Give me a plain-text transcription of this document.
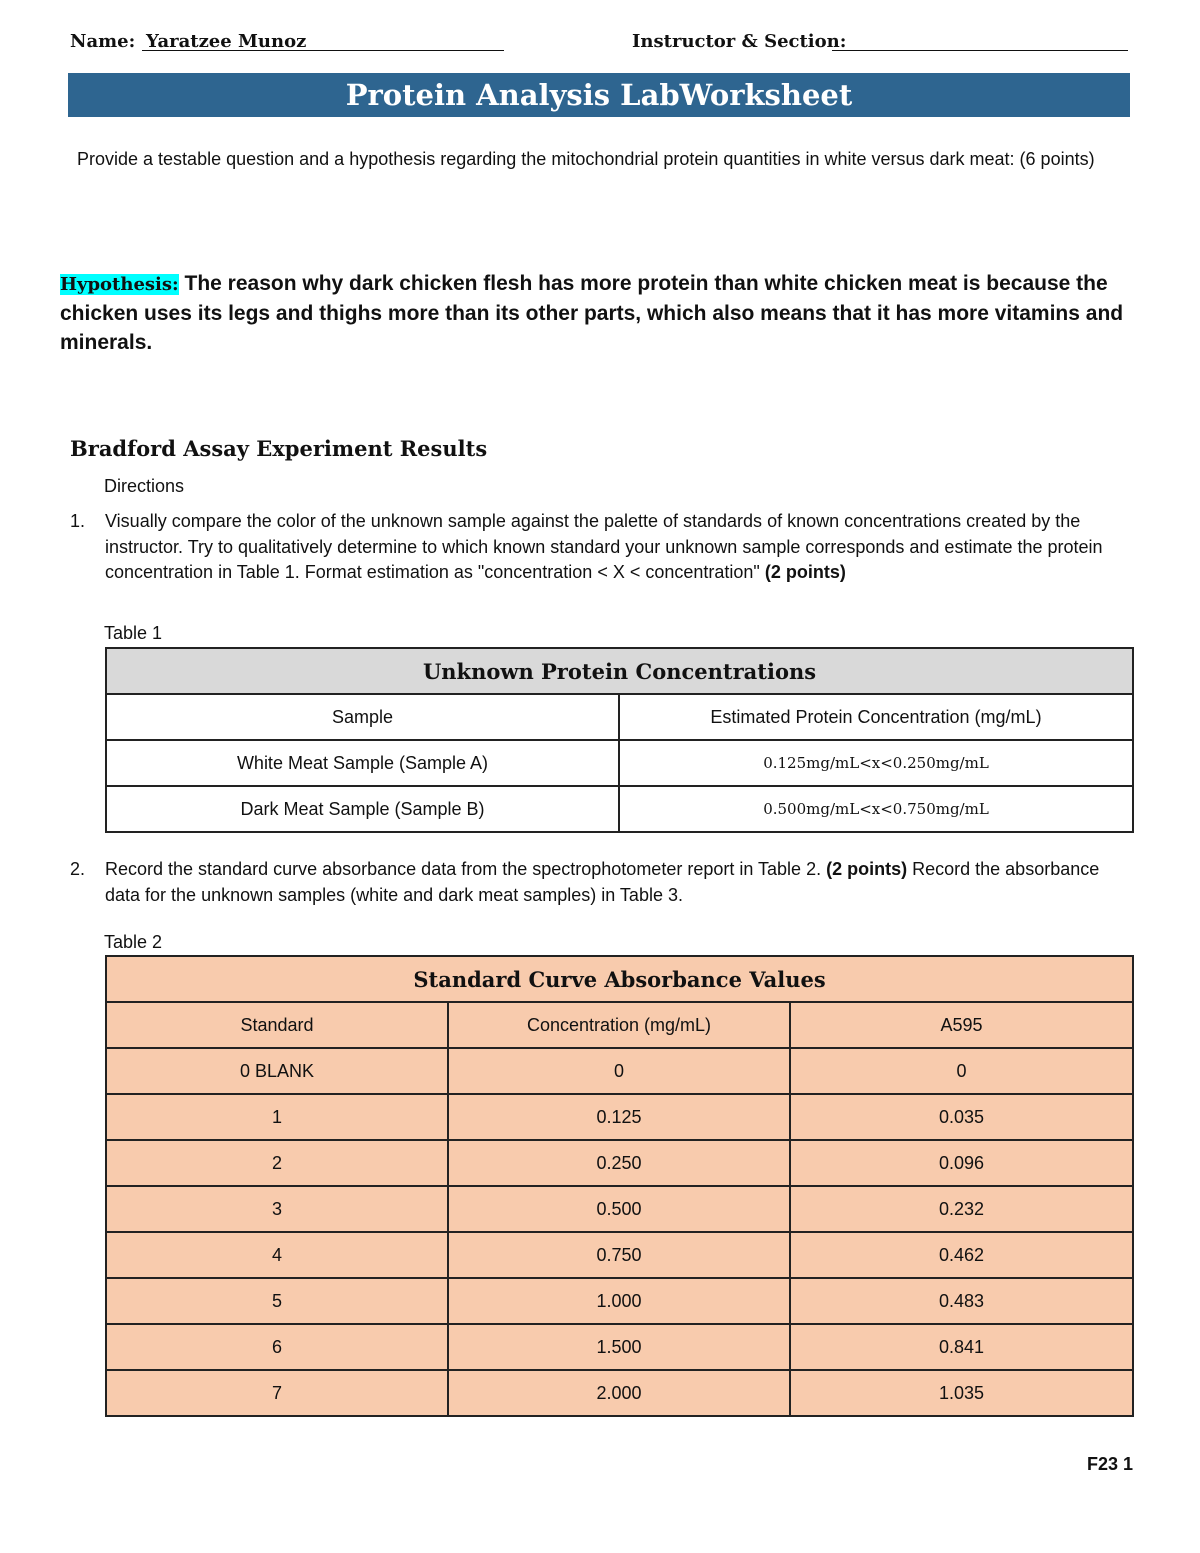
Name: Yaratzee Munoz	Instructor & Section:
Protein Analysis LabWorksheet
Provide a testable question and a hypothesis regarding the mitochondrial protein quantities in white versus dark meat: (6 points)
Hypothesis: The reason why dark chicken flesh has more protein than white chicken meat is because the chicken uses its legs and thighs more than its other parts, which also means that it has more vitamins and minerals.
Bradford Assay Experiment Results
Directions
1. Visually compare the color of the unknown sample against the palette of standards of known concentrations created by the instructor. Try to qualitatively determine to which known standard your unknown sample corresponds and estimate the protein concentration in Table 1. Format estimation as "concentration < X < concentration" (2 points)
Table 1
Unknown Protein Concentrations	
Sample	Estimated Protein Concentration (mg/mL)
White Meat Sample (Sample A)	0.125mg/mL<x<0.250mg/mL
Dark Meat Sample (Sample B)	0.500mg/mL<x<0.750mg/mL
2. Record the standard curve absorbance data from the spectrophotometer report in Table 2. (2 points) Record the absorbance data for the unknown samples (white and dark meat samples) in Table 3.
Table 2
Standard Curve Absorbance Values		
Standard	Concentration (mg/mL)	A595
0 BLANK	0	0
1	0.125	0.035
2	0.250	0.096
3	0.500	0.232
4	0.750	0.462
5	1.000	0.483
6	1.500	0.841
7	2.000	1.035
F23 1
